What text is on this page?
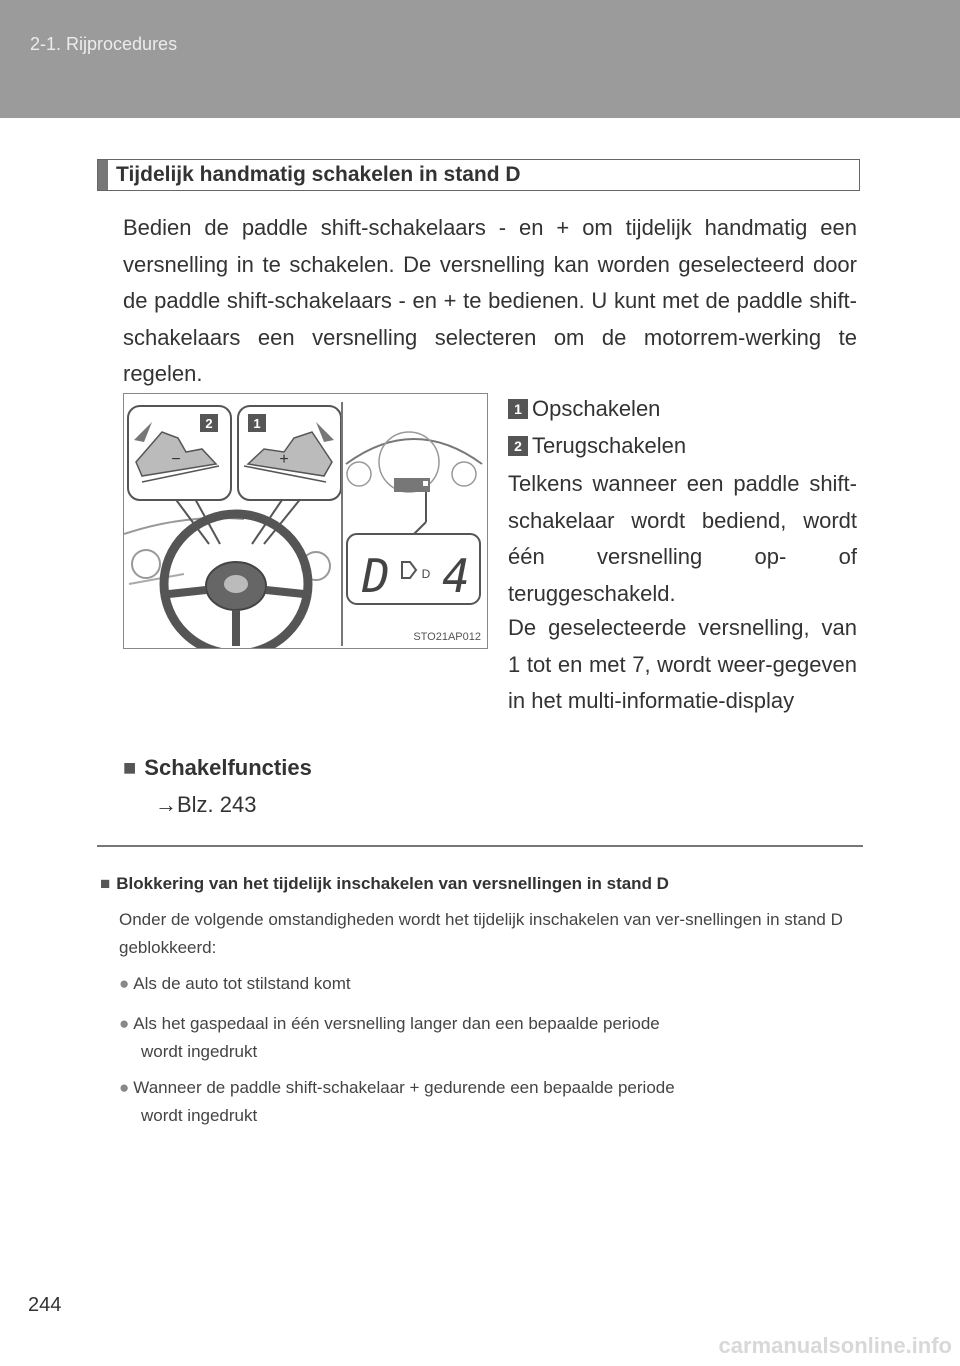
2-1. Rijprocedures
Tijdelijk handmatig schakelen in stand D
Bedien de paddle shift-schakelaars - en + om tijdelijk handmatig een versnelling in te schakelen. De versnelling kan worden geselecteerd door de paddle shift-schakelaars - en + te bedienen. U kunt met de paddle shift-schakelaars een versnelling selecteren om de motorrem-werking te regelen.
2
−
1
+
D	D 4
STO21AP012
1 Opschakelen
2 Terugschakelen
Telkens wanneer een paddle shift-schakelaar wordt bediend, wordt één versnelling op- of teruggeschakeld.
De geselecteerde versnelling, van 1 tot en met 7, wordt weer-gegeven in het multi-informatie-display
■ Schakelfuncties
→Blz. 243
■ Blokkering van het tijdelijk inschakelen van versnellingen in stand D
Onder de volgende omstandigheden wordt het tijdelijk inschakelen van ver-snellingen in stand D geblokkeerd:
● Als de auto tot stilstand komt
● Als het gaspedaal in één versnelling langer dan een bepaalde periode
wordt ingedrukt
● Wanneer de paddle shift-schakelaar + gedurende een bepaalde periode
wordt ingedrukt
244
carmanualsonline.info
